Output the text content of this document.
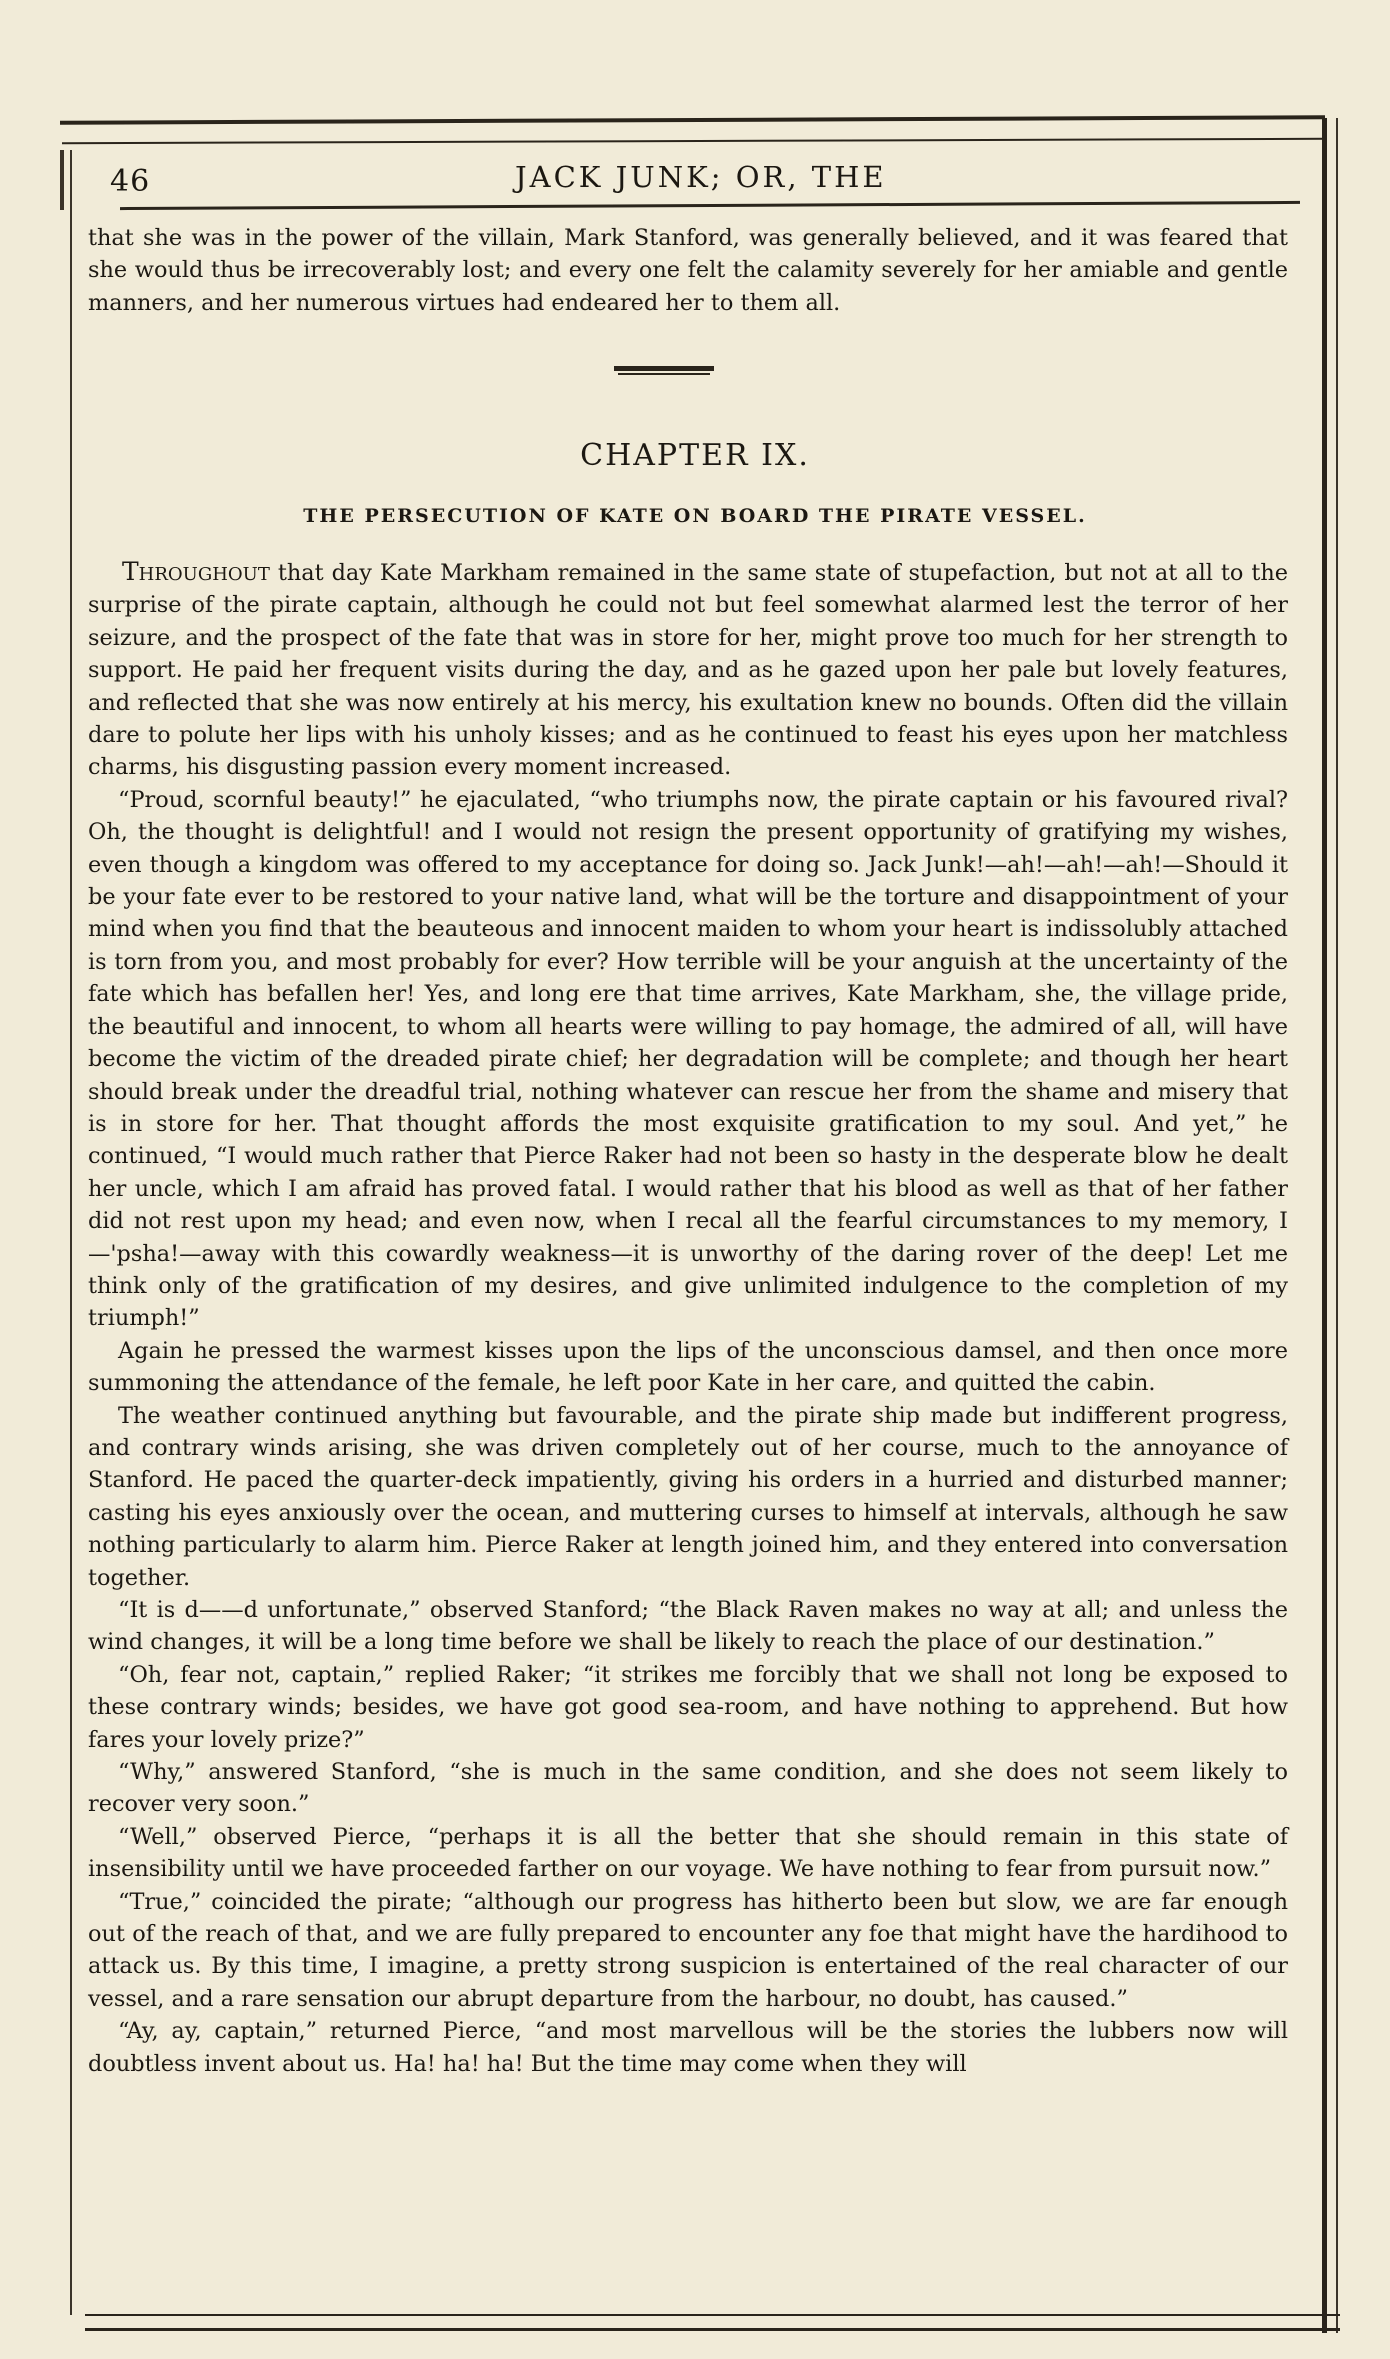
46	JACK JUNK; OR, THE

that she was in the power of the villain, Mark Stanford, was generally believed, and it was feared that she would thus be irrecoverably lost; and every one felt the calamity severely for her amiable and gentle manners, and her numerous virtues had endeared her to them all.

CHAPTER IX.
THE PERSECUTION OF KATE ON BOARD THE PIRATE VESSEL.

Throughout that day Kate Markham remained in the same state of stupefaction, but not at all to the surprise of the pirate captain, although he could not but feel somewhat alarmed lest the terror of her seizure, and the prospect of the fate that was in store for her, might prove too much for her strength to support. He paid her frequent visits during the day, and as he gazed upon her pale but lovely features, and reflected that she was now entirely at his mercy, his exultation knew no bounds. Often did the villain dare to polute her lips with his unholy kisses; and as he continued to feast his eyes upon her matchless charms, his disgusting passion every moment increased.

“Proud, scornful beauty!” he ejaculated, “who triumphs now, the pirate captain or his favoured rival? Oh, the thought is delightful! and I would not resign the present opportunity of gratifying my wishes, even though a kingdom was offered to my acceptance for doing so. Jack Junk!—ah!—ah!—ah!—Should it be your fate ever to be restored to your native land, what will be the torture and disappointment of your mind when you find that the beauteous and innocent maiden to whom your heart is indissolubly attached is torn from you, and most probably for ever? How terrible will be your anguish at the uncertainty of the fate which has befallen her! Yes, and long ere that time arrives, Kate Markham, she, the village pride, the beautiful and innocent, to whom all hearts were willing to pay homage, the admired of all, will have become the victim of the dreaded pirate chief; her degradation will be complete; and though her heart should break under the dreadful trial, nothing whatever can rescue her from the shame and misery that is in store for her. That thought affords the most exquisite gratification to my soul. And yet,” he continued, “I would much rather that Pierce Raker had not been so hasty in the desperate blow he dealt her uncle, which I am afraid has proved fatal. I would rather that his blood as well as that of her father did not rest upon my head; and even now, when I recal all the fearful circumstances to my memory, I—'psha!—away with this cowardly weakness—it is unworthy of the daring rover of the deep! Let me think only of the gratification of my desires, and give unlimited indulgence to the completion of my triumph!”

Again he pressed the warmest kisses upon the lips of the unconscious damsel, and then once more summoning the attendance of the female, he left poor Kate in her care, and quitted the cabin.

The weather continued anything but favourable, and the pirate ship made but indifferent progress, and contrary winds arising, she was driven completely out of her course, much to the annoyance of Stanford. He paced the quarter-deck impatiently, giving his orders in a hurried and disturbed manner; casting his eyes anxiously over the ocean, and muttering curses to himself at intervals, although he saw nothing particularly to alarm him. Pierce Raker at length joined him, and they entered into conversation together.

“It is d——d unfortunate,” observed Stanford; “the Black Raven makes no way at all; and unless the wind changes, it will be a long time before we shall be likely to reach the place of our destination.”

“Oh, fear not, captain,” replied Raker; “it strikes me forcibly that we shall not long be exposed to these contrary winds; besides, we have got good sea-room, and have nothing to apprehend. But how fares your lovely prize?”

“Why,” answered Stanford, “she is much in the same condition, and she does not seem likely to recover very soon.”

“Well,” observed Pierce, “perhaps it is all the better that she should remain in this state of insensibility until we have proceeded farther on our voyage. We have nothing to fear from pursuit now.”

“True,” coincided the pirate; “although our progress has hitherto been but slow, we are far enough out of the reach of that, and we are fully prepared to encounter any foe that might have the hardihood to attack us. By this time, I imagine, a pretty strong suspicion is entertained of the real character of our vessel, and a rare sensation our abrupt departure from the harbour, no doubt, has caused.”

“Ay, ay, captain,” returned Pierce, “and most marvellous will be the stories the lubbers now will doubtless invent about us. Ha! ha! ha! But the time may come when they will
